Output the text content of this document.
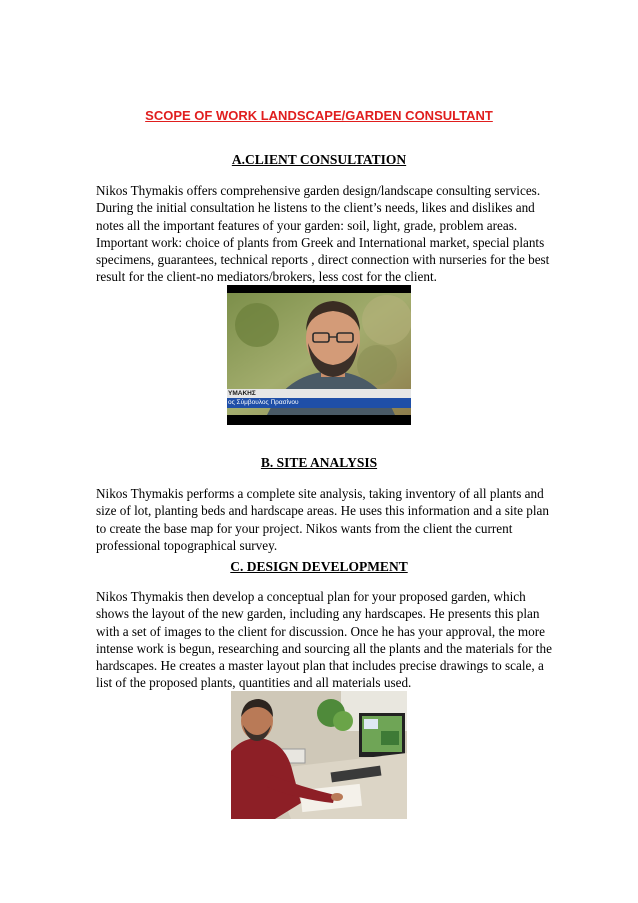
SCOPE OF WORK LANDSCAPE/GARDEN CONSULTANT

A.CLIENT CONSULTATION

Nikos Thymakis offers comprehensive garden design/landscape consulting services.
During the initial consultation he listens to the client’s needs, likes and dislikes and
notes all the important features of your garden: soil, light, grade, problem areas.
Important work: choice of plants from Greek and International market, special plants
specimens, guarantees, technical reports , direct connection with nurseries for the best
result for the client-no mediators/brokers, less cost for the client.
ΥΜΑΚΗΣ
ος Σύμβουλος Πρασίνου

B. SITE ANALYSIS

Nikos Thymakis performs a complete site analysis, taking inventory of all plants and
size of lot, planting beds and hardscape areas. He uses this information and a site plan
to create the base map for your project. Nikos wants from the client the current
professional topographical survey.

C. DESIGN DEVELOPMENT

Nikos Thymakis then develop a conceptual plan for your proposed garden, which
shows the layout of the new garden, including any hardscapes. He presents this plan
with a set of images to the client for discussion. Once he has your approval, the more
intense work is begun, researching and sourcing all the plants and the materials for the
hardscapes. He creates a master layout plan that includes precise drawings to scale, a
list of the proposed plants, quantities and all materials used.
